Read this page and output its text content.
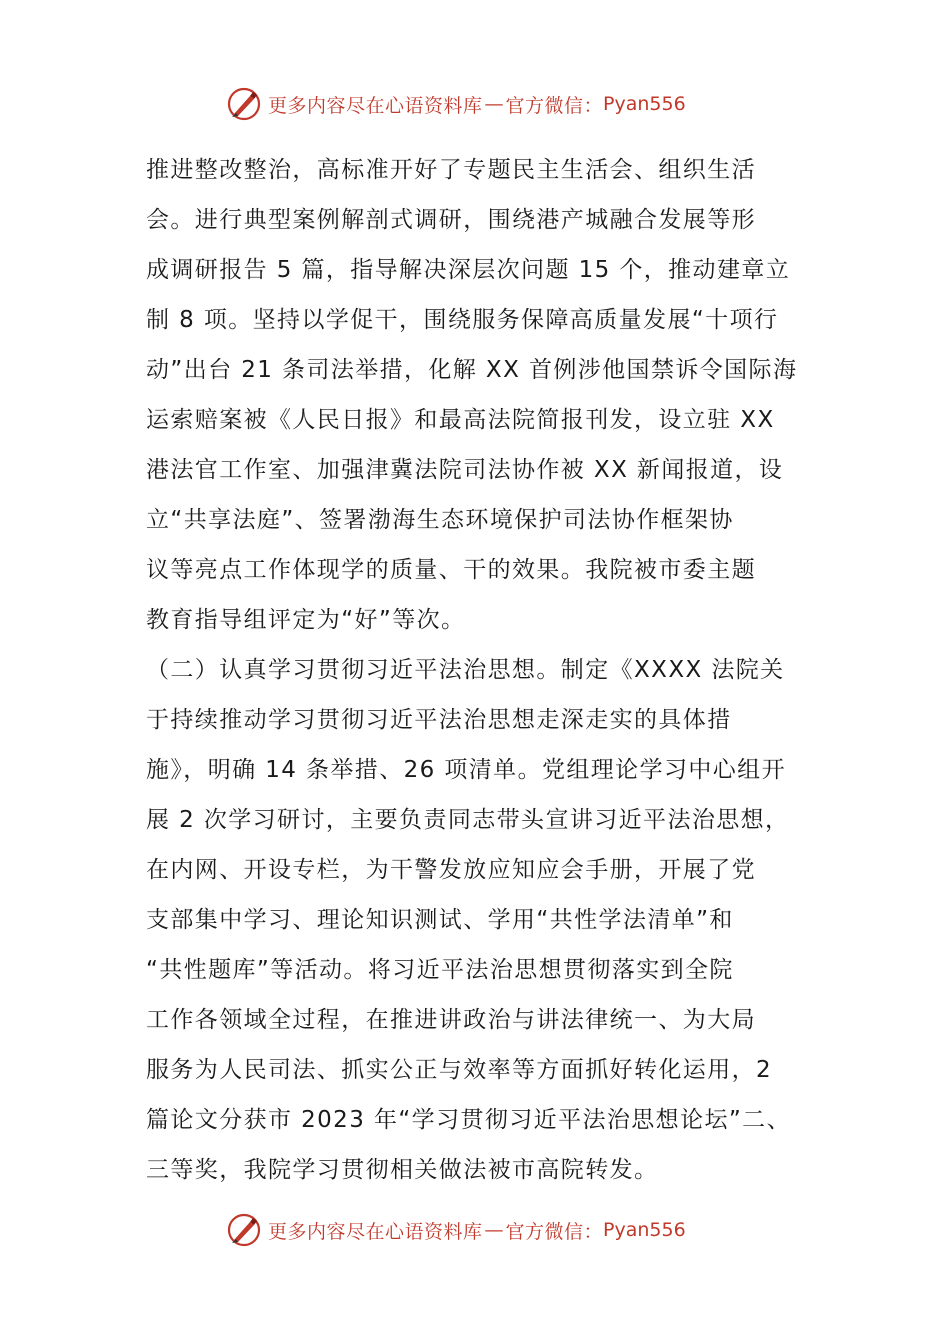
更多内容尽在心语资料库 — 官方微信： Pyan556
推进整改整治，高标准开好了专题民主生活会、组织生活
会。进行典型案例解剖式调研，围绕港产城融合发展等形
成调研报告 5 篇，指导解决深层次问题 15 个，推动建章立
制 8 项。坚持以学促干，围绕服务保障高质量发展“十项行
动”出台 21 条司法举措，化解 XX 首例涉他国禁诉令国际海
运索赔案被《人民日报》和最高法院简报刊发，设立驻 XX
港法官工作室、加强津冀法院司法协作被 XX 新闻报道，设
立“共享法庭”、签署渤海生态环境保护司法协作框架协
议等亮点工作体现学的质量、干的效果。我院被市委主题
教育指导组评定为“好”等次。
（二）认真学习贯彻习近平法治思想。制定《XXXX 法院关
于持续推动学习贯彻习近平法治思想走深走实的具体措
施》，明确 14 条举措、26 项清单。党组理论学习中心组开
展 2 次学习研讨，主要负责同志带头宣讲习近平法治思想，
在内网、开设专栏，为干警发放应知应会手册，开展了党
支部集中学习、理论知识测试、学用“共性学法清单”和
“共性题库”等活动。将习近平法治思想贯彻落实到全院
工作各领域全过程，在推进讲政治与讲法律统一、为大局
服务为人民司法、抓实公正与效率等方面抓好转化运用，2
篇论文分获市 2023 年“学习贯彻习近平法治思想论坛”二、
三等奖，我院学习贯彻相关做法被市高院转发。
更多内容尽在心语资料库 — 官方微信： Pyan556
